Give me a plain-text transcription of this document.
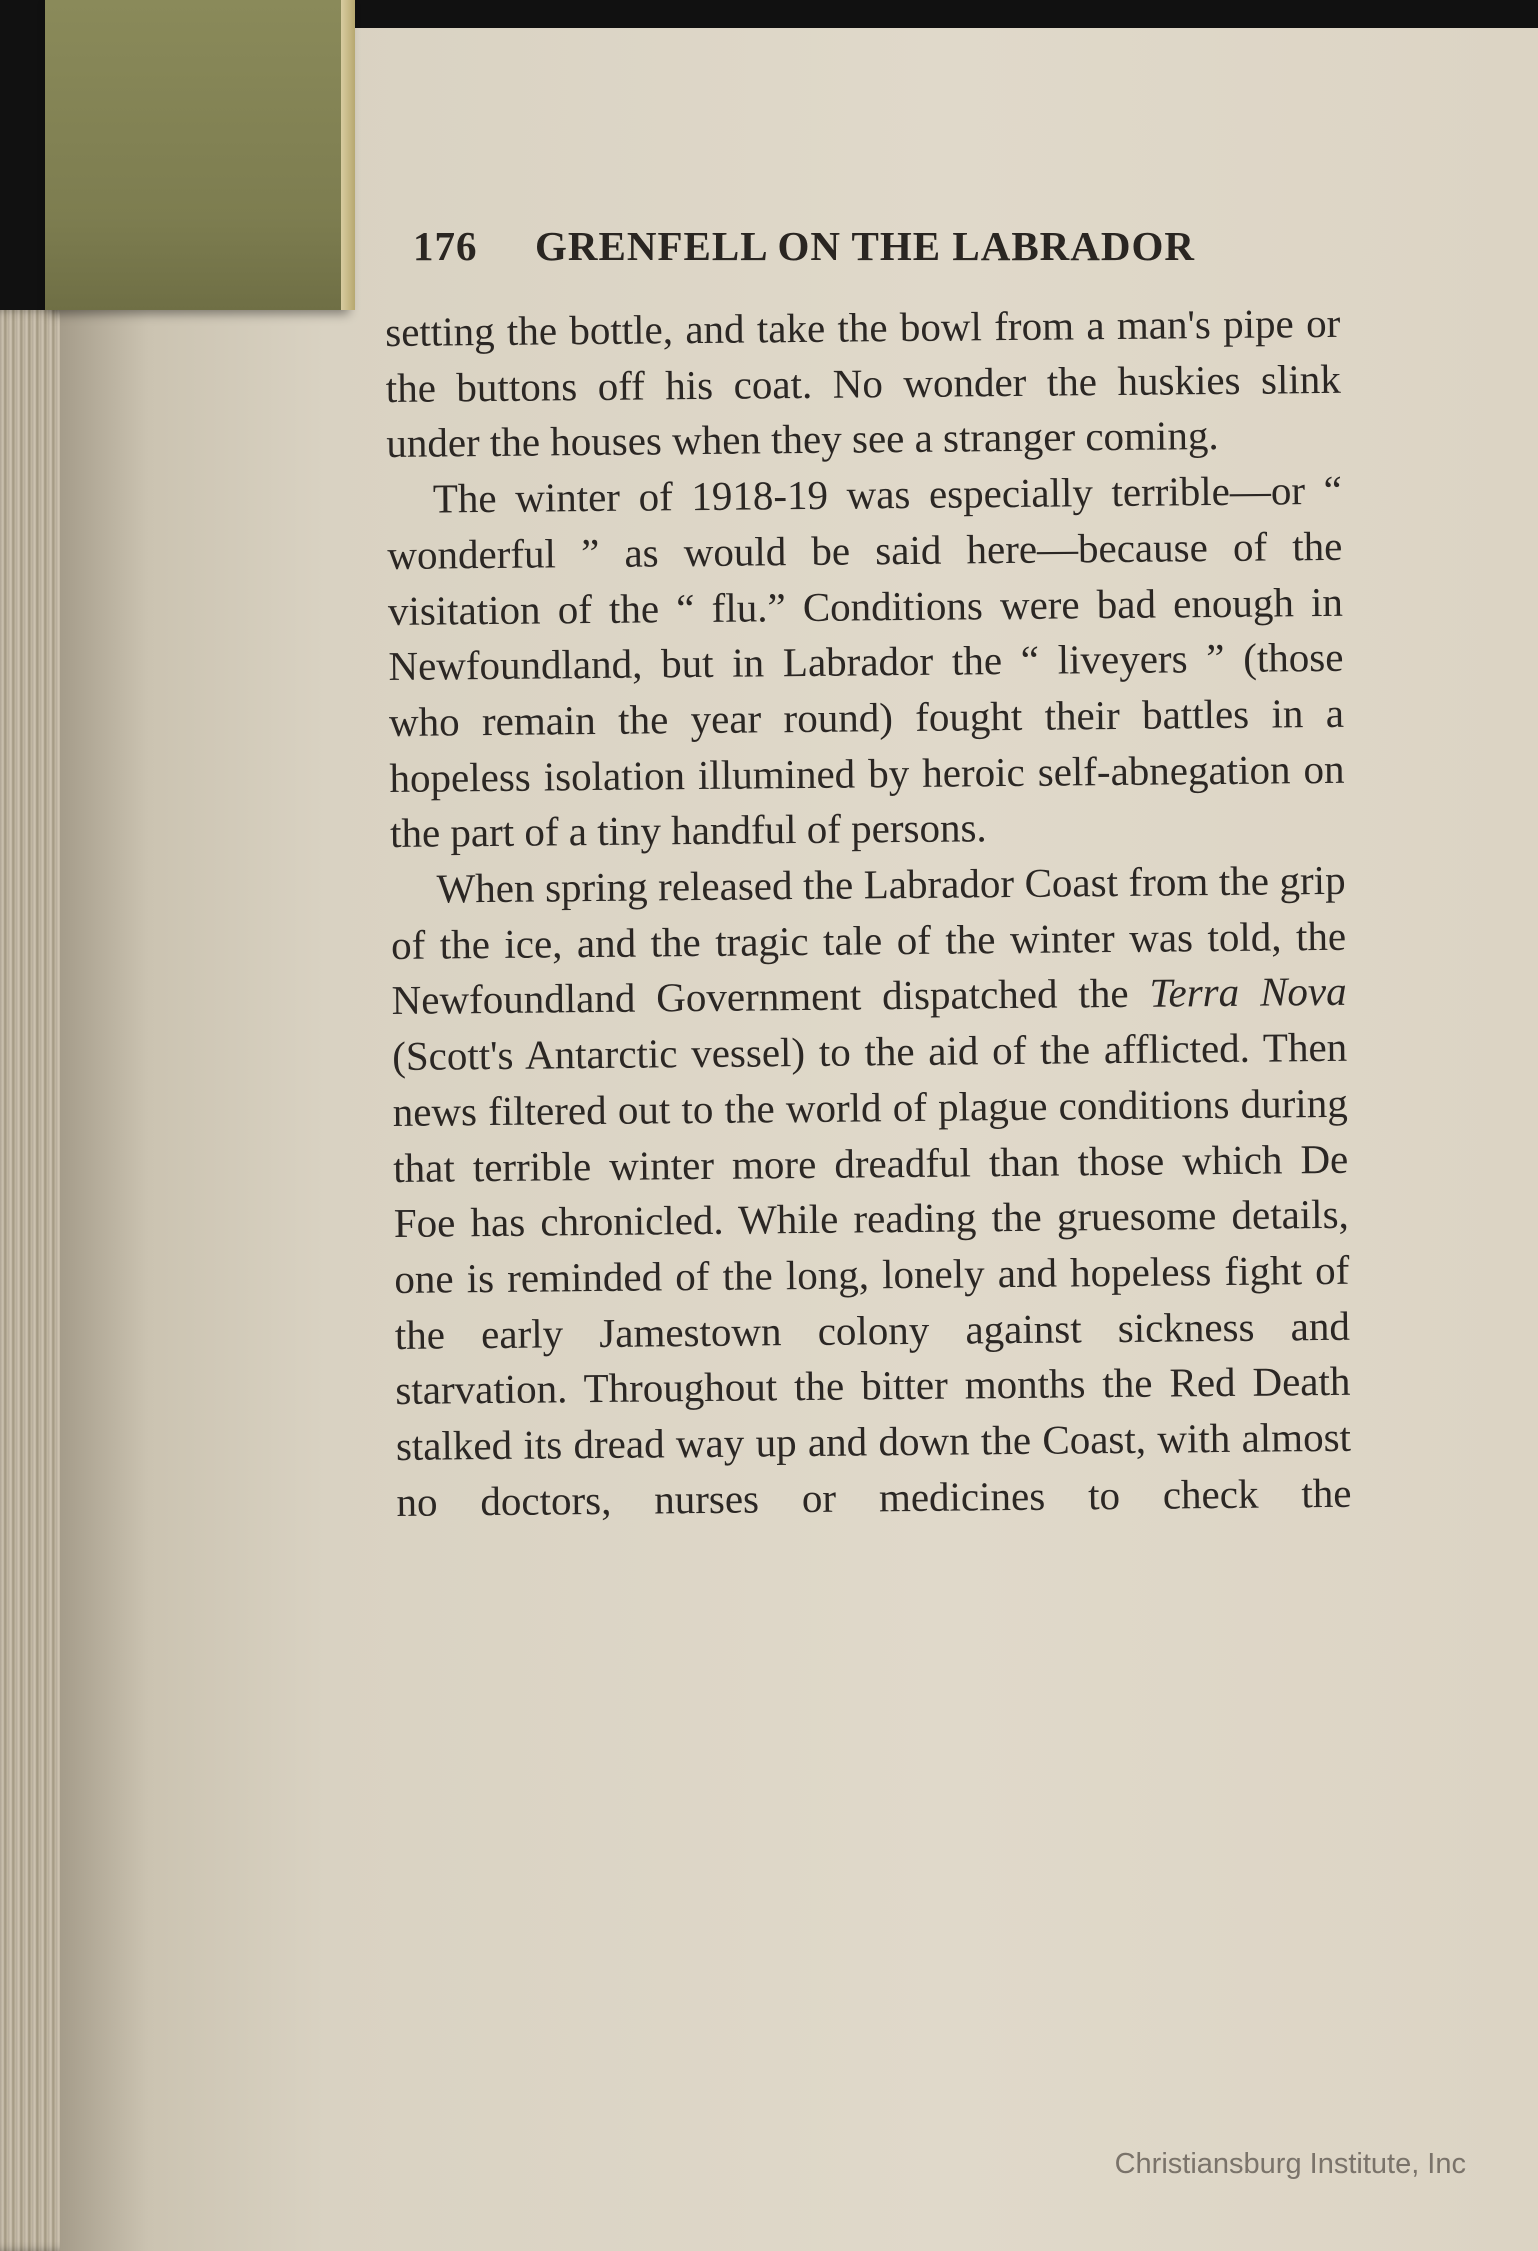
176	GRENFELL ON THE LABRADOR

setting the bottle, and take the bowl from a man's pipe or the buttons off his coat. No wonder the huskies slink under the houses when they see a stranger coming.

The winter of 1918-19 was especially terrible—or “ wonderful ” as would be said here—because of the visitation of the “ flu.” Conditions were bad enough in Newfoundland, but in Labrador the “ liveyers ” (those who remain the year round) fought their battles in a hopeless isolation illumined by heroic self-abnegation on the part of a tiny handful of persons.

When spring released the Labrador Coast from the grip of the ice, and the tragic tale of the winter was told, the Newfoundland Government dispatched the Terra Nova (Scott's Antarctic vessel) to the aid of the afflicted. Then news filtered out to the world of plague conditions during that terrible winter more dreadful than those which De Foe has chronicled. While reading the gruesome details, one is reminded of the long, lonely and hopeless fight of the early Jamestown colony against sickness and starvation. Throughout the bitter months the Red Death stalked its dread way up and down the Coast, with almost no doctors, nurses or medicines to check the

Christiansburg Institute, Inc
